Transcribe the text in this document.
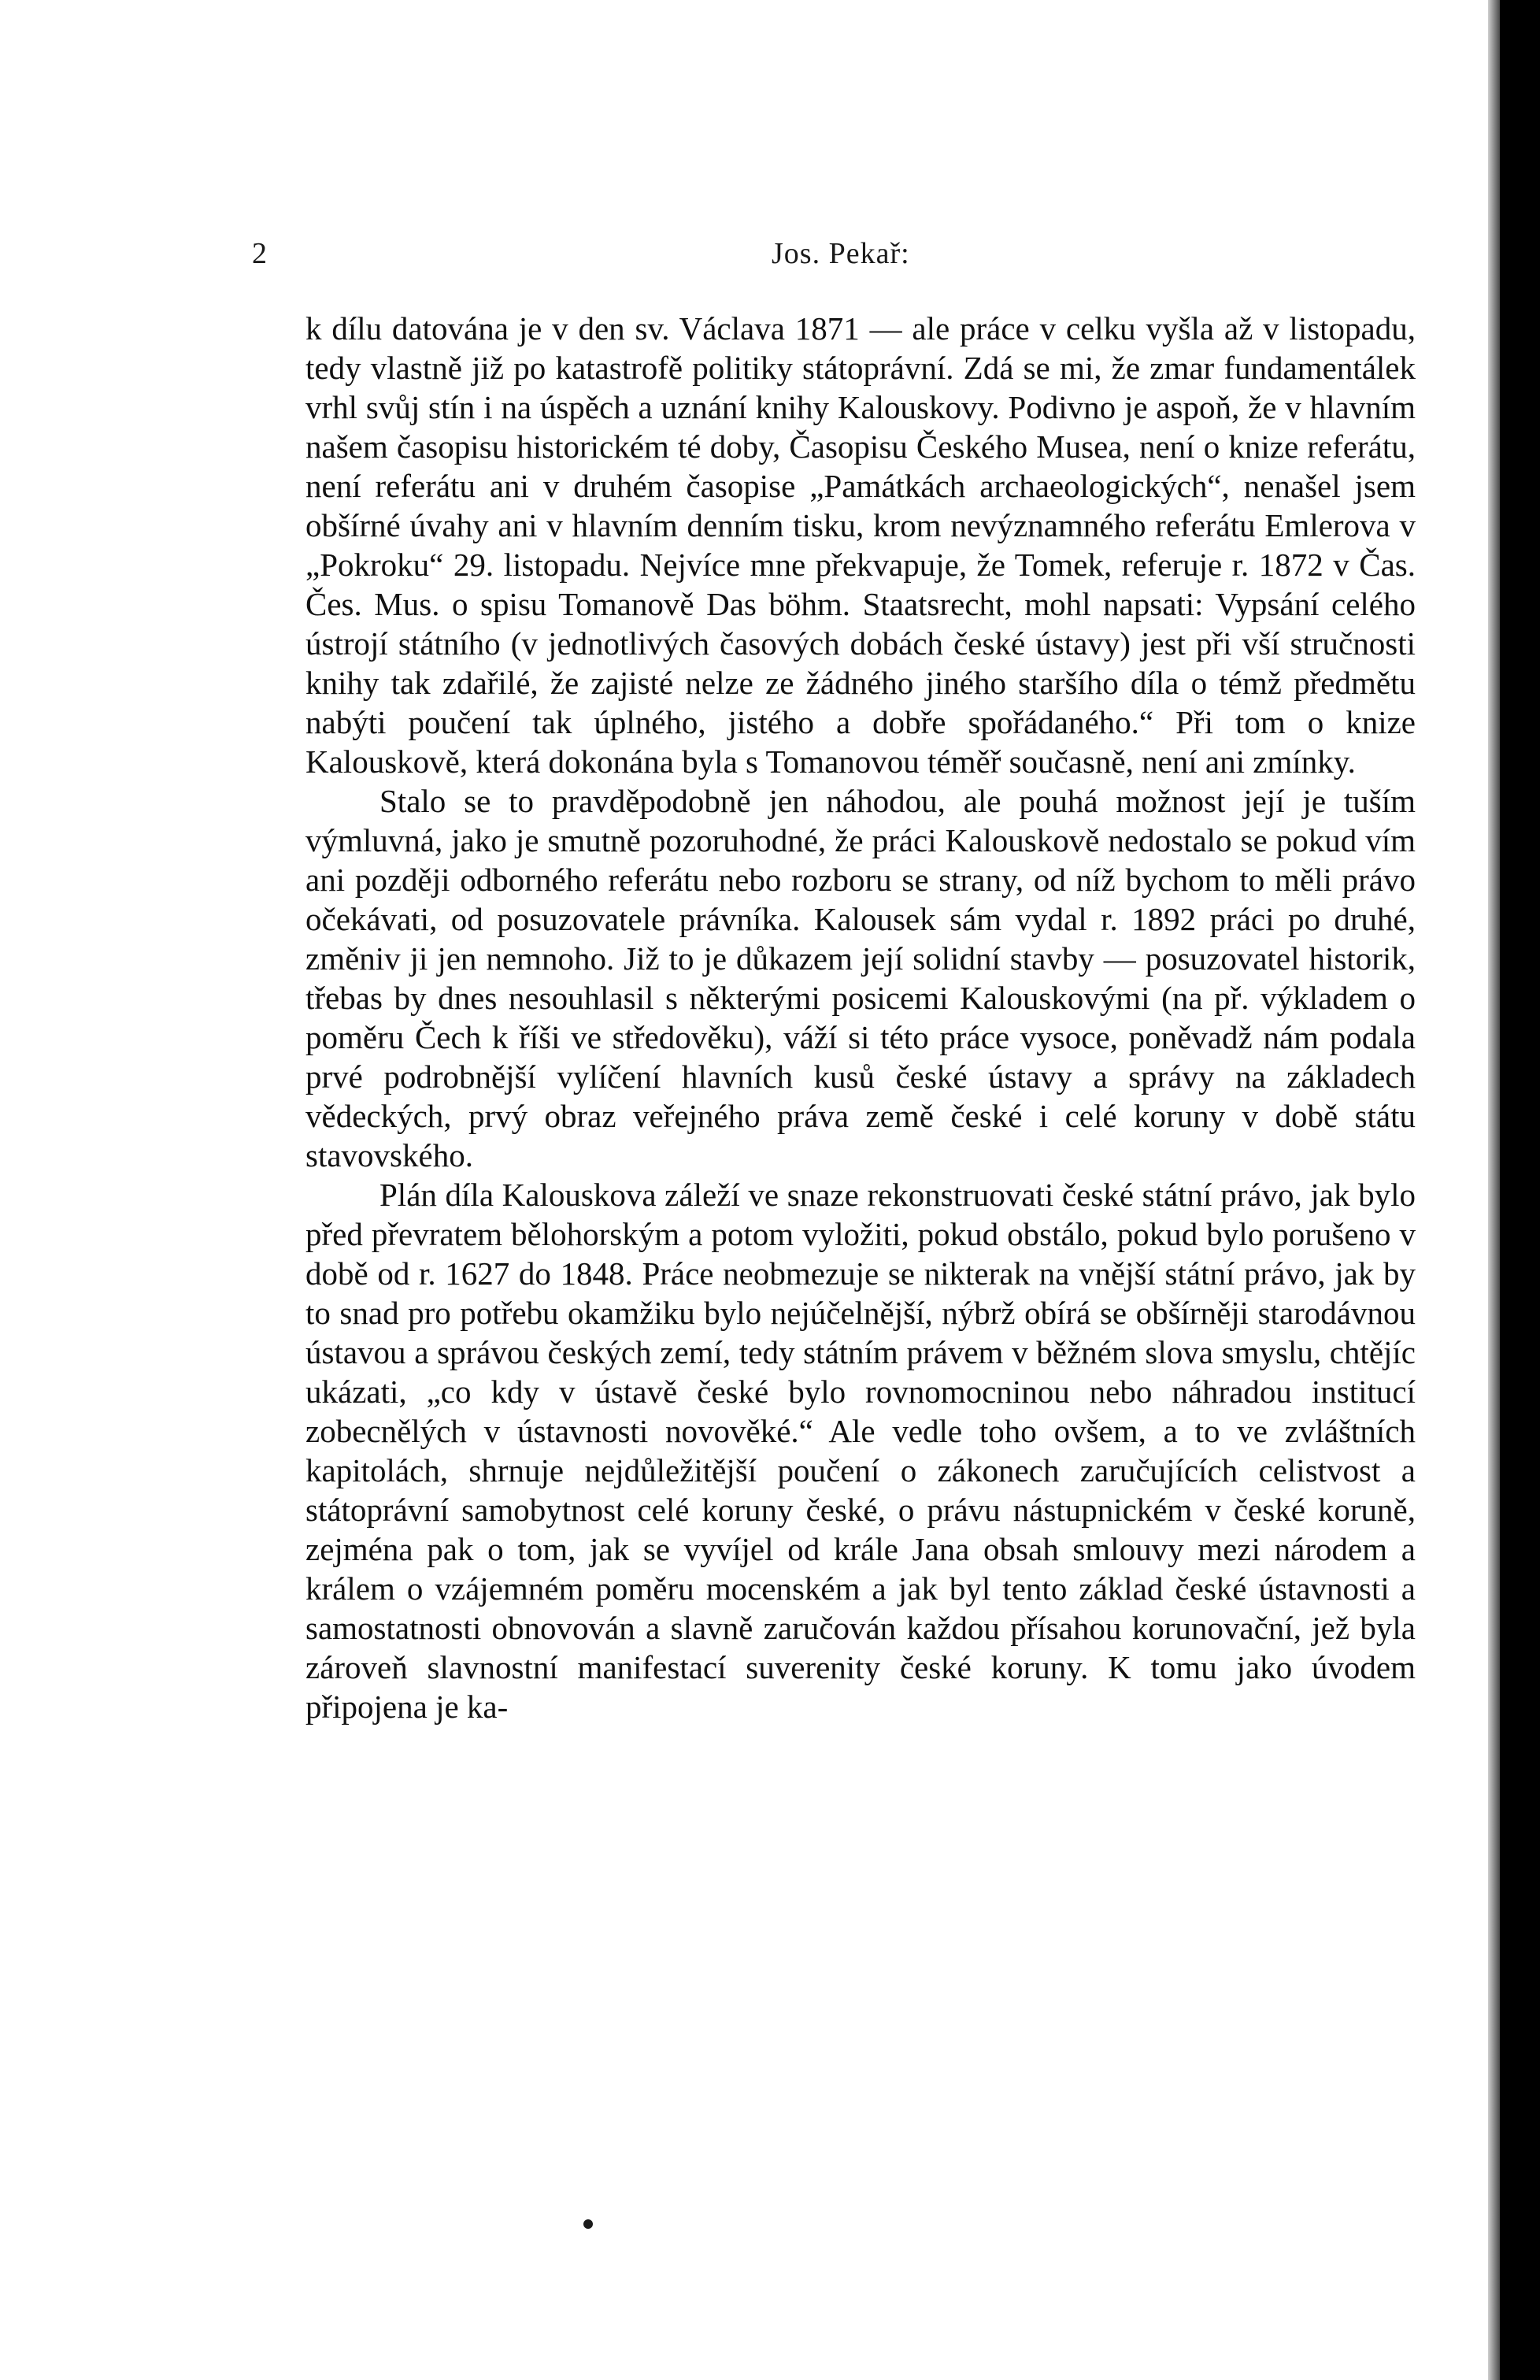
2	Jos. Pekař:

k dílu datována je v den sv. Václava 1871 — ale práce v celku vyšla až v listopadu, tedy vlastně již po katastrofě politiky státoprávní. Zdá se mi, že zmar fundamentálek vrhl svůj stín i na úspěch a uznání knihy Kalouskovy. Podivno je aspoň, že v hlavním našem časopisu historickém té doby, Časopisu Českého Musea, není o knize referátu, není referátu ani v druhém časopise „Památkách archaeologických“, nenašel jsem obšírné úvahy ani v hlavním denním tisku, krom nevýznamného referátu Emlerova v „Pokroku“ 29. listopadu. Nejvíce mne překvapuje, že Tomek, referuje r. 1872 v Čas. Čes. Mus. o spisu Tomanově Das böhm. Staatsrecht, mohl napsati: Vypsání celého ústrojí státního (v jednotlivých časových dobách české ústavy) jest při vší stručnosti knihy tak zdařilé, že zajisté nelze ze žádného jiného staršího díla o témž předmětu nabýti poučení tak úplného, jistého a dobře spořádaného.“ Při tom o knize Kalouskově, která dokonána byla s Tomanovou téměř současně, není ani zmínky.

Stalo se to pravděpodobně jen náhodou, ale pouhá možnost její je tuším výmluvná, jako je smutně pozoruhodné, že práci Kalouskově nedostalo se pokud vím ani později odborného referátu nebo rozboru se strany, od níž bychom to měli právo očekávati, od posuzovatele právníka. Kalousek sám vydal r. 1892 práci po druhé, změniv ji jen nemnoho. Již to je důkazem její solidní stavby — posuzovatel historik, třebas by dnes nesouhlasil s některými posicemi Kalouskovými (na př. výkladem o poměru Čech k říši ve středověku), váží si této práce vysoce, poněvadž nám podala prvé podrobnější vylíčení hlavních kusů české ústavy a správy na základech vědeckých, prvý obraz veřejného práva země české i celé koruny v době státu stavovského.

Plán díla Kalouskova záleží ve snaze rekonstruovati české státní právo, jak bylo před převratem bělohorským a potom vyložiti, pokud obstálo, pokud bylo porušeno v době od r. 1627 do 1848. Práce neobmezuje se nikterak na vnější státní právo, jak by to snad pro potřebu okamžiku bylo nejúčelnější, nýbrž obírá se obšírněji starodávnou ústavou a správou českých zemí, tedy státním právem v běžném slova smyslu, chtějíc ukázati, „co kdy v ústavě české bylo rovnomocninou nebo náhradou institucí zobecnělých v ústavnosti novověké.“ Ale vedle toho ovšem, a to ve zvláštních kapitolách, shrnuje nejdůležitější poučení o zákonech zaručujících celistvost a státoprávní samobytnost celé koruny české, o právu nástupnickém v české koruně, zejména pak o tom, jak se vyvíjel od krále Jana obsah smlouvy mezi národem a králem o vzájemném poměru mocenském a jak byl tento základ české ústavnosti a samostatnosti obnovován a slavně zaručován každou přísahou korunovační, jež byla zároveň slavnostní manifestací suverenity české koruny. K tomu jako úvodem připojena je ka-
